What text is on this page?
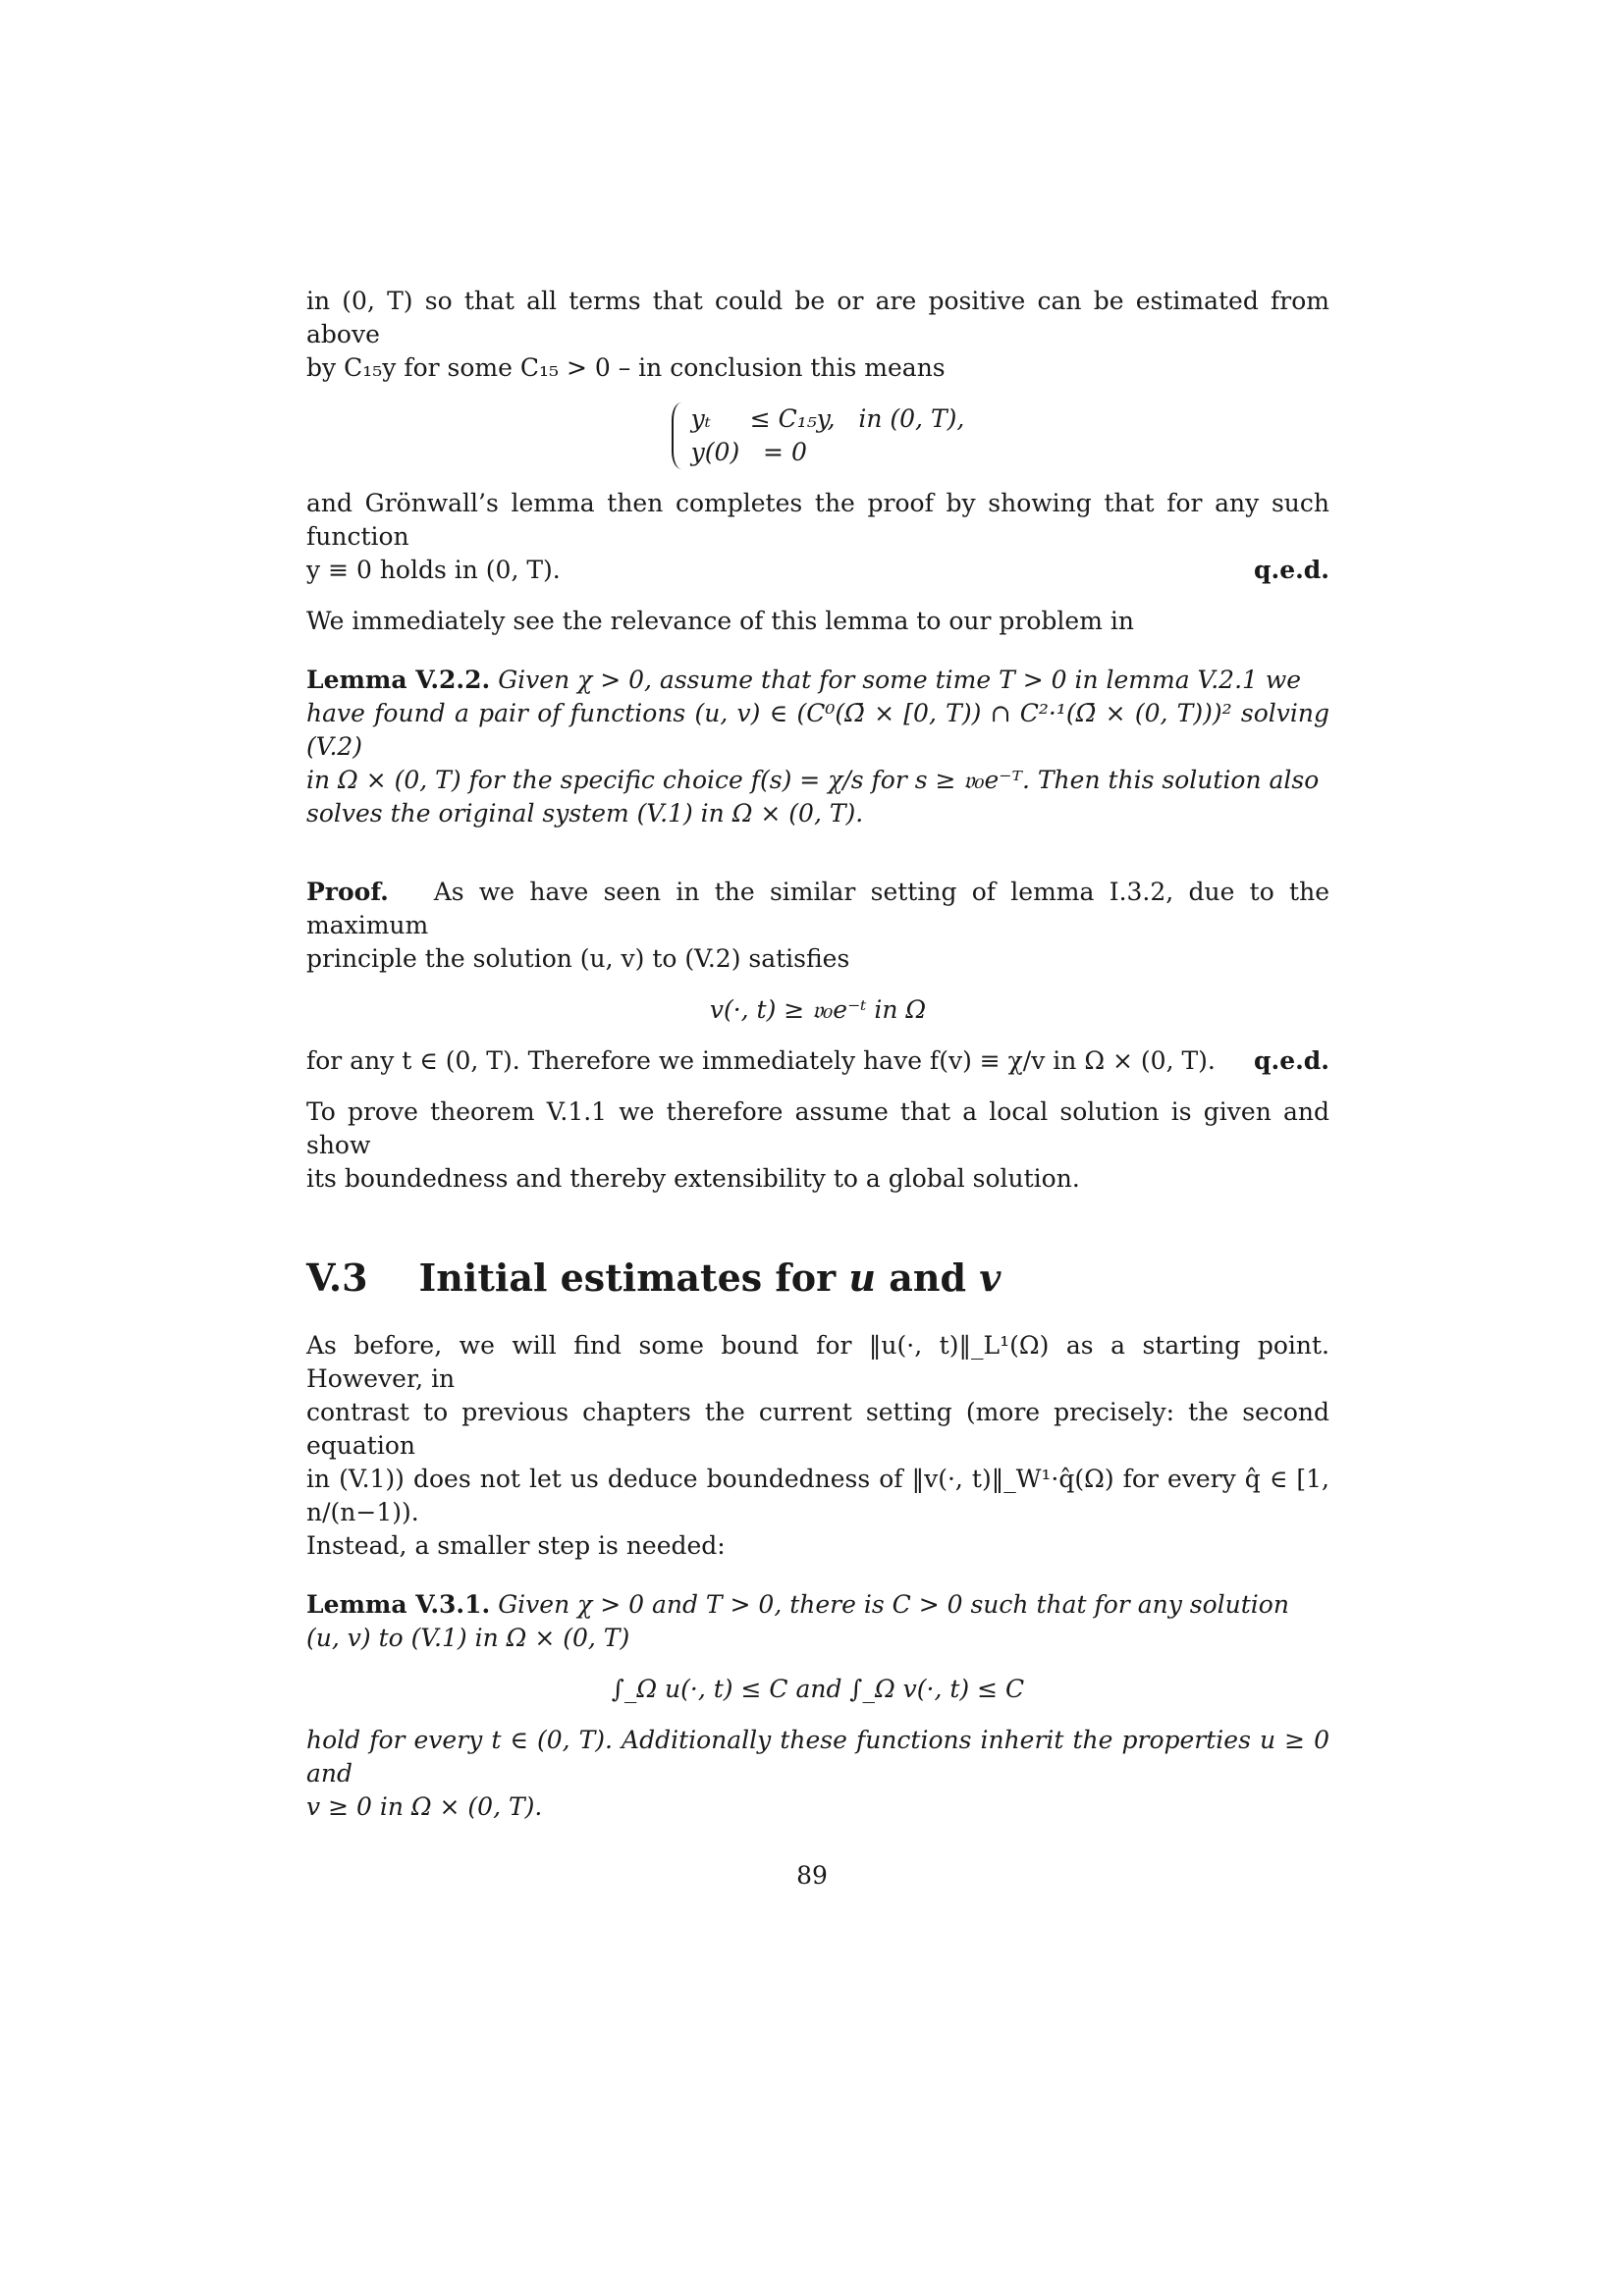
in (0, T) so that all terms that could be or are positive can be estimated from above

by C₁₅y for some C₁₅ > 0 – in conclusion this means

yₜ     ≤ C₁₅y,   in (0, T),
y(0)   = 0

and Grönwall’s lemma then completes the proof by showing that for any such function

y ≡ 0 holds in (0, T).	q.e.d.

We immediately see the relevance of this lemma to our problem in

Lemma V.2.2. Given χ > 0, assume that for some time T > 0 in lemma V.2.1 we

have found a pair of functions (u, v) ∈ (C⁰(Ω̄ × [0, T)) ∩ C²·¹(Ω̄ × (0, T)))² solving (V.2)

in Ω × (0, T) for the specific choice f(s) = χ/s for s ≥ 𝔳₀e⁻ᵀ. Then this solution also

solves the original system (V.1) in Ω × (0, T).

Proof. As we have seen in the similar setting of lemma I.3.2, due to the maximum

principle the solution (u, v) to (V.2) satisfies

v(·, t) ≥ 𝔳₀e⁻ᵗ in Ω
for any t ∈ (0, T). Therefore we immediately have f(v) ≡ χ/v in Ω × (0, T). q.e.d.

To prove theorem V.1.1 we therefore assume that a local solution is given and show

its boundedness and thereby extensibility to a global solution.

V.3 Initial estimates for u and v

As before, we will find some bound for ‖u(·, t)‖_L¹(Ω) as a starting point. However, in

contrast to previous chapters the current setting (more precisely: the second equation

in (V.1)) does not let us deduce boundedness of ‖v(·, t)‖_W¹·q̂(Ω) for every q̂ ∈ [1, n/(n−1)).

Instead, a smaller step is needed:

Lemma V.3.1. Given χ > 0 and T > 0, there is C > 0 such that for any solution

(u, v) to (V.1) in Ω × (0, T)

∫_Ω u(·, t) ≤ C and ∫_Ω v(·, t) ≤ C

hold for every t ∈ (0, T). Additionally these functions inherit the properties u ≥ 0 and

v ≥ 0 in Ω × (0, T).

89
